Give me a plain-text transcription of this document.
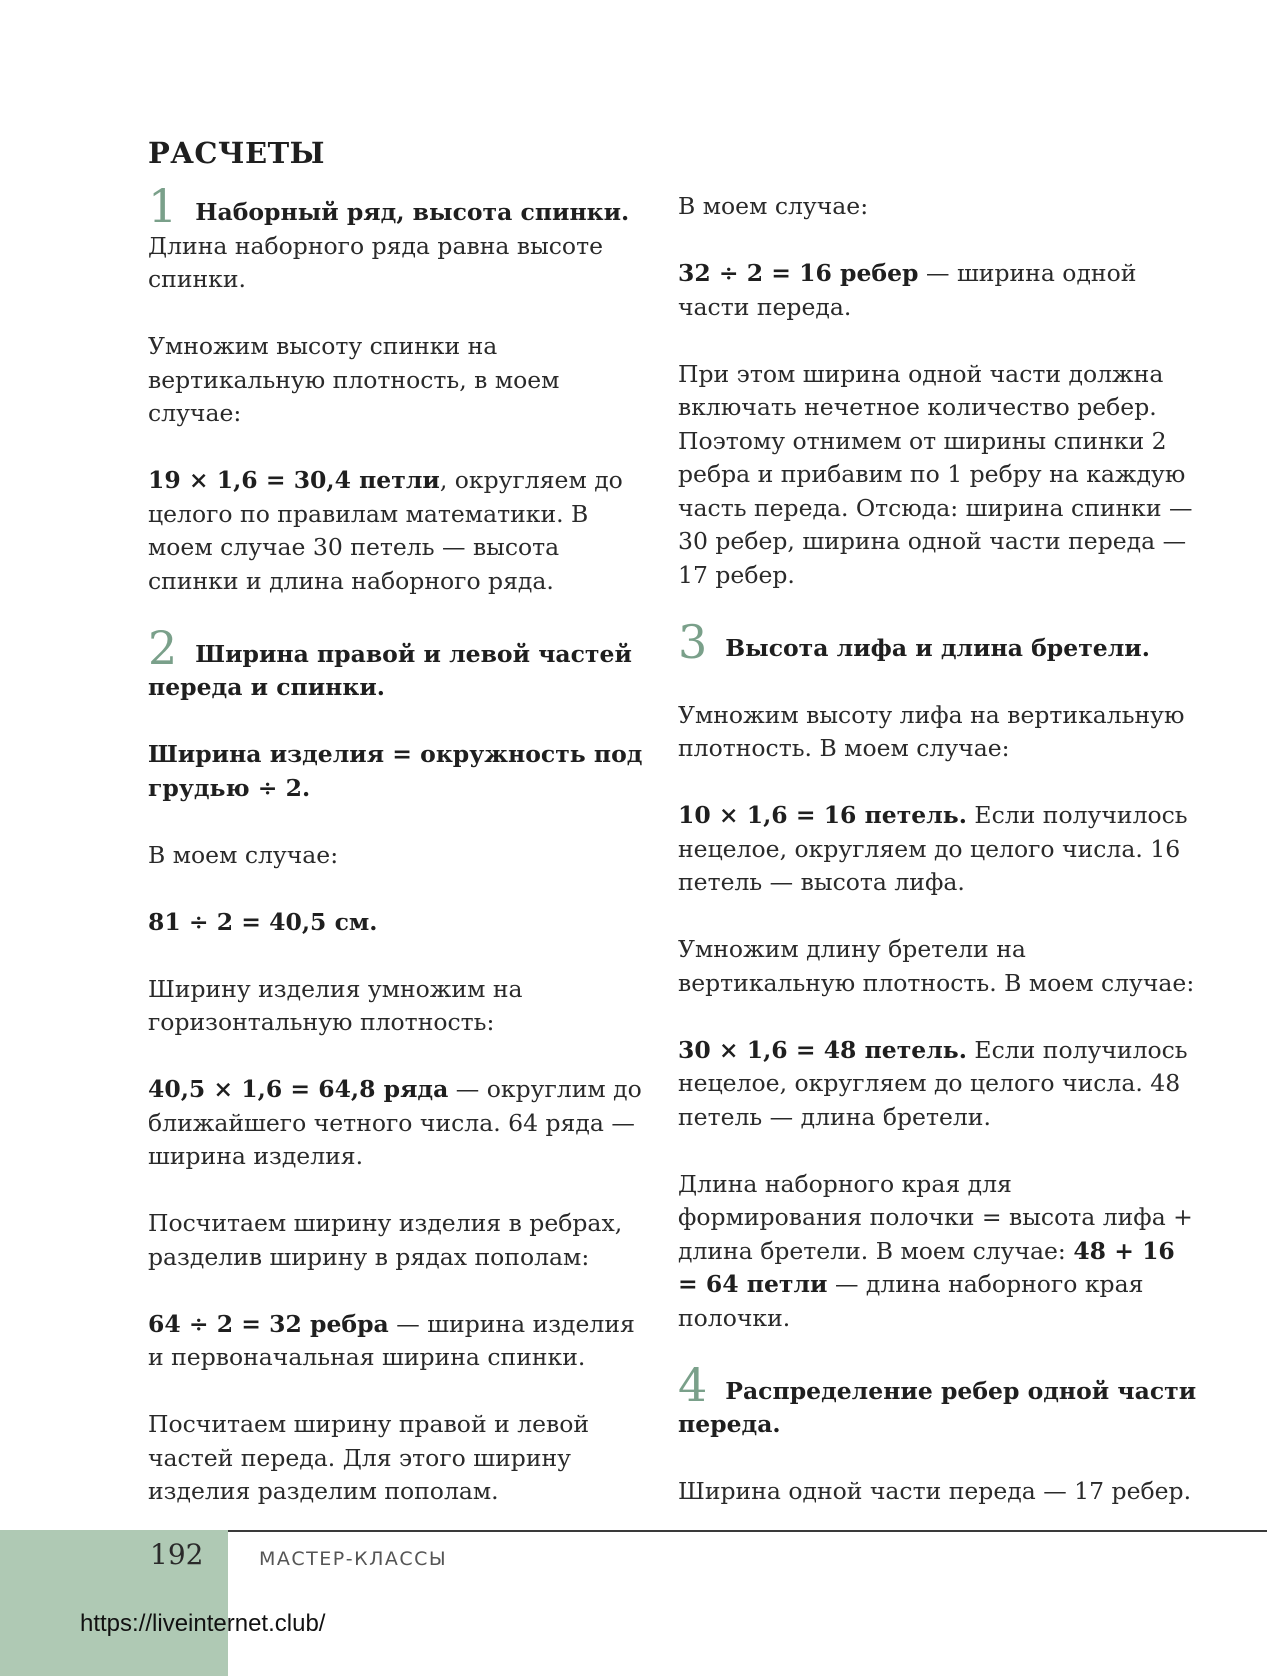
РАСЧЕТЫ
1 Наборный ряд, высота спинки.

Длина наборного ряда равна высоте спинки.

Умножим высоту спинки на вертикальную плотность, в моем случае:

19 × 1,6 = 30,4 петли, округляем до целого по правилам математики. В моем случае 30 петель — высота спинки и длина наборного ряда.

2 Ширина правой и левой частей переда и спинки.

Ширина изделия = окружность под грудью ÷ 2.

В моем случае:

81 ÷ 2 = 40,5 см.

Ширину изделия умножим на горизонтальную плотность:

40,5 × 1,6 = 64,8 ряда — округлим до ближайшего четного числа. 64 ряда — ширина изделия.

Посчитаем ширину изделия в ребрах, разделив ширину в рядах пополам:

64 ÷ 2 = 32 ребра — ширина изделия и первоначальная ширина спинки.

Посчитаем ширину правой и левой частей переда. Для этого ширину изделия разделим пополам.

В моем случае:

32 ÷ 2 = 16 ребер — ширина одной части переда.

При этом ширина одной части должна включать нечетное количество ребер. Поэтому отнимем от ширины спинки 2 ребра и прибавим по 1 ребру на каждую часть переда. Отсюда: ширина спинки — 30 ребер, ширина одной части переда — 17 ребер.

3 Высота лифа и длина бретели.

Умножим высоту лифа на вертикальную плотность. В моем случае:

10 × 1,6 = 16 петель. Если получилось нецелое, округляем до целого числа. 16 петель — высота лифа.

Умножим длину бретели на вертикальную плотность. В моем случае:

30 × 1,6 = 48 петель. Если получилось нецелое, округляем до целого числа. 48 петель — длина бретели.

Длина наборного края для формирования полочки = высота лифа + длина бретели. В моем случае: 48 + 16 = 64 петли — длина наборного края полочки.

4 Распределение ребер одной части переда.

Ширина одной части переда — 17 ребер.

192	МАСТЕР-КЛАССЫ
https://liveinternet.club/
